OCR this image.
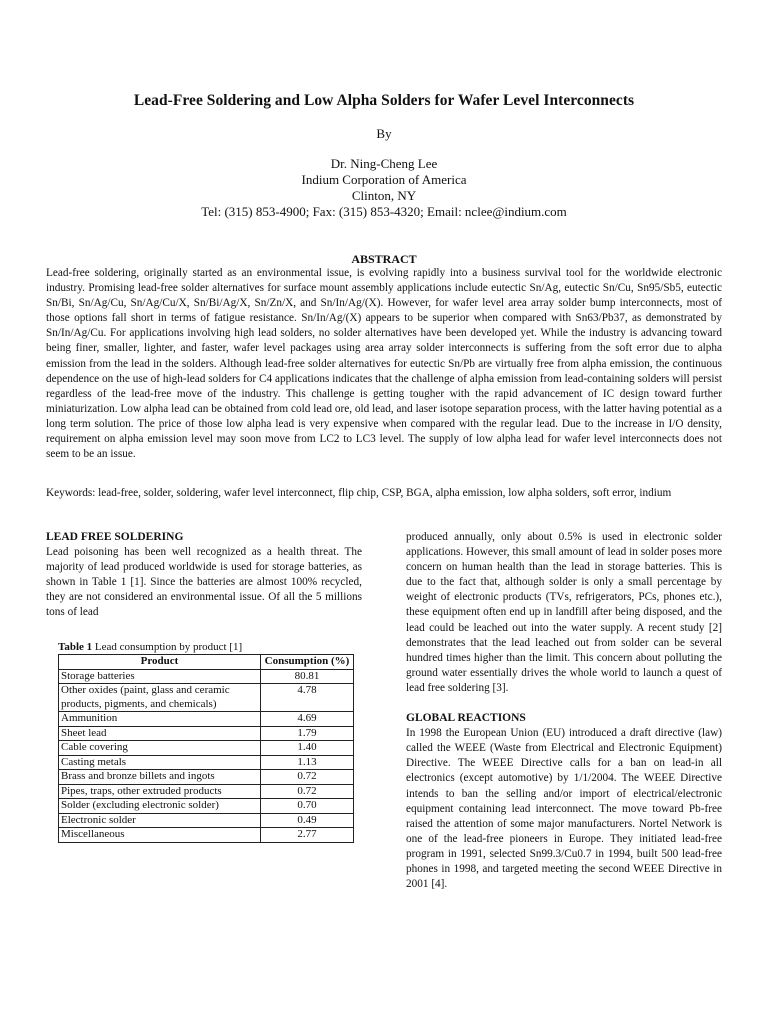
Lead-Free Soldering and Low Alpha Solders for Wafer Level Interconnects
By
Dr. Ning-Cheng Lee
Indium Corporation of America
Clinton, NY
Tel: (315) 853-4900; Fax: (315) 853-4320; Email: nclee@indium.com
ABSTRACT
Lead-free soldering, originally started as an environmental issue, is evolving rapidly into a business survival tool for the worldwide electronic industry. Promising lead-free solder alternatives for surface mount assembly applications include eutectic Sn/Ag, eutectic Sn/Cu, Sn95/Sb5, eutectic Sn/Bi, Sn/Ag/Cu, Sn/Ag/Cu/X, Sn/Bi/Ag/X, Sn/Zn/X, and Sn/In/Ag/(X). However, for wafer level area array solder bump interconnects, most of those options fall short in terms of fatigue resistance. Sn/In/Ag/(X) appears to be superior when compared with Sn63/Pb37, as demonstrated by Sn/In/Ag/Cu. For applications involving high lead solders, no solder alternatives have been developed yet. While the industry is advancing toward being finer, smaller, lighter, and faster, wafer level packages using area array solder interconnects is suffering from the soft error due to alpha emission from the lead in the solders. Although lead-free solder alternatives for eutectic Sn/Pb are virtually free from alpha emission, the continuous dependence on the use of high-lead solders for C4 applications indicates that the challenge of alpha emission from lead-containing solders will persist regardless of the lead-free move of the industry. This challenge is getting tougher with the rapid advancement of IC design toward further miniaturization. Low alpha lead can be obtained from cold lead ore, old lead, and laser isotope separation process, with the latter having potential as a long term solution. The price of those low alpha lead is very expensive when compared with the regular lead. Due to the increase in I/O density, requirement on alpha emission level may soon move from LC2 to LC3 level. The supply of low alpha lead for wafer level interconnects does not seem to be an issue.
Keywords: lead-free, solder, soldering, wafer level interconnect, flip chip, CSP, BGA, alpha emission, low alpha solders, soft error, indium
LEAD FREE SOLDERING
Lead poisoning has been well recognized as a health threat. The majority of lead produced worldwide is used for storage batteries, as shown in Table 1 [1]. Since the batteries are almost 100% recycled, they are not considered an environmental issue. Of all the 5 millions tons of lead
Table 1 Lead consumption by product [1]
Product	Consumption (%)
Storage batteries	80.81
Other oxides (paint, glass and ceramic products, pigments, and chemicals)	4.78
Ammunition	4.69
Sheet lead	1.79
Cable covering	1.40
Casting metals	1.13
Brass and bronze billets and ingots	0.72
Pipes, traps, other extruded products	0.72
Solder (excluding electronic solder)	0.70
Electronic solder	0.49
Miscellaneous	2.77
produced annually, only about 0.5% is used in electronic solder applications. However, this small amount of lead in solder poses more concern on human health than the lead in storage batteries. This is due to the fact that, although solder is only a small percentage by weight of electronic products (TVs, refrigerators, PCs, phones etc.), these equipment often end up in landfill after being disposed, and the lead could be leached out into the water supply. A recent study [2] demonstrates that the lead leached out from solder can be several hundred times higher than the limit. This concern about polluting the ground water essentially drives the whole world to launch a quest of lead free soldering [3].
GLOBAL REACTIONS
In 1998 the European Union (EU) introduced a draft directive (law) called the WEEE (Waste from Electrical and Electronic Equipment) Directive. The WEEE Directive calls for a ban on lead-in all electronics (except automotive) by 1/1/2004. The WEEE Directive intends to ban the selling and/or import of electrical/electronic equipment containing lead interconnect. The move toward Pb-free raised the attention of some major manufacturers. Nortel Network is one of the lead-free pioneers in Europe. They initiated lead-free program in 1991, selected Sn99.3/Cu0.7 in 1994, built 500 lead-free phones in 1998, and targeted meeting the second WEEE Directive in 2001 [4].
